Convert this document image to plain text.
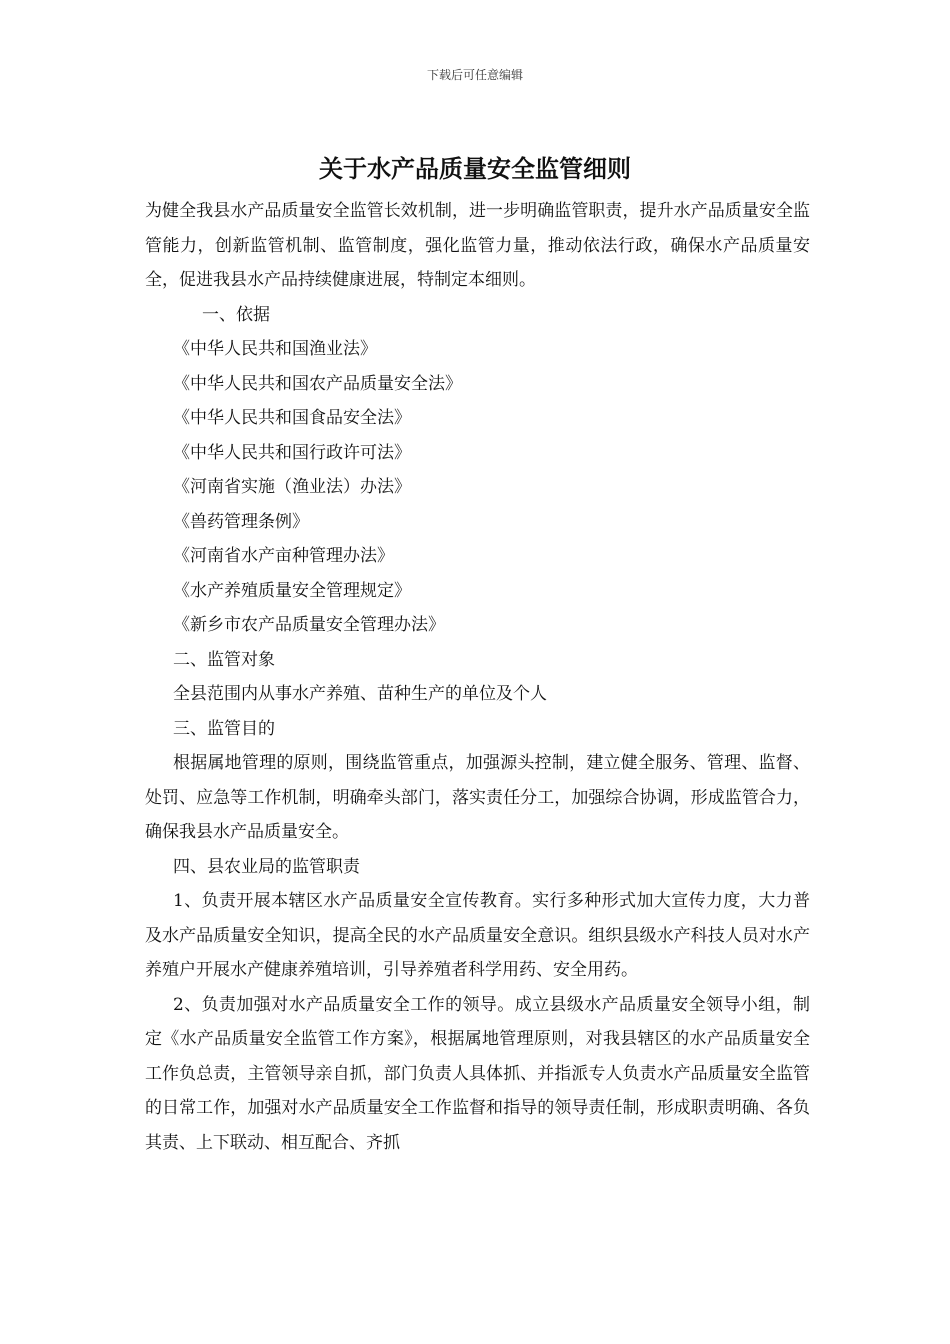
下载后可任意编辑
关于水产品质量安全监管细则

为健全我县水产品质量安全监管长效机制，进一步明确监管职责，提升水产品质量安全监管能力，创新监管机制、监管制度，强化监管力量，推动依法行政，确保水产品质量安全，促进我县水产品持续健康进展，特制定本细则。

一、依据

《中华人民共和国渔业法》

《中华人民共和国农产品质量安全法》

《中华人民共和国食品安全法》

《中华人民共和国行政许可法》

《河南省实施（渔业法）办法》

《兽药管理条例》

《河南省水产亩种管理办法》

《水产养殖质量安全管理规定》

《新乡市农产品质量安全管理办法》

二、监管对象

全县范围内从事水产养殖、苗种生产的单位及个人

三、监管目的

根据属地管理的原则，围绕监管重点，加强源头控制，建立健全服务、管理、监督、处罚、应急等工作机制，明确牵头部门，落实责任分工，加强综合协调，形成监管合力，确保我县水产品质量安全。

四、县农业局的监管职责

1、负责开展本辖区水产品质量安全宣传教育。实行多种形式加大宣传力度，大力普及水产品质量安全知识，提高全民的水产品质量安全意识。组织县级水产科技人员对水产养殖户开展水产健康养殖培训，引导养殖者科学用药、安全用药。

2、负责加强对水产品质量安全工作的领导。成立县级水产品质量安全领导小组，制定《水产品质量安全监管工作方案》，根据属地管理原则，对我县辖区的水产品质量安全工作负总责，主管领导亲自抓，部门负责人具体抓、并指派专人负责水产品质量安全监管的日常工作，加强对水产品质量安全工作监督和指导的领导责任制，形成职责明确、各负其责、上下联动、相互配合、齐抓
